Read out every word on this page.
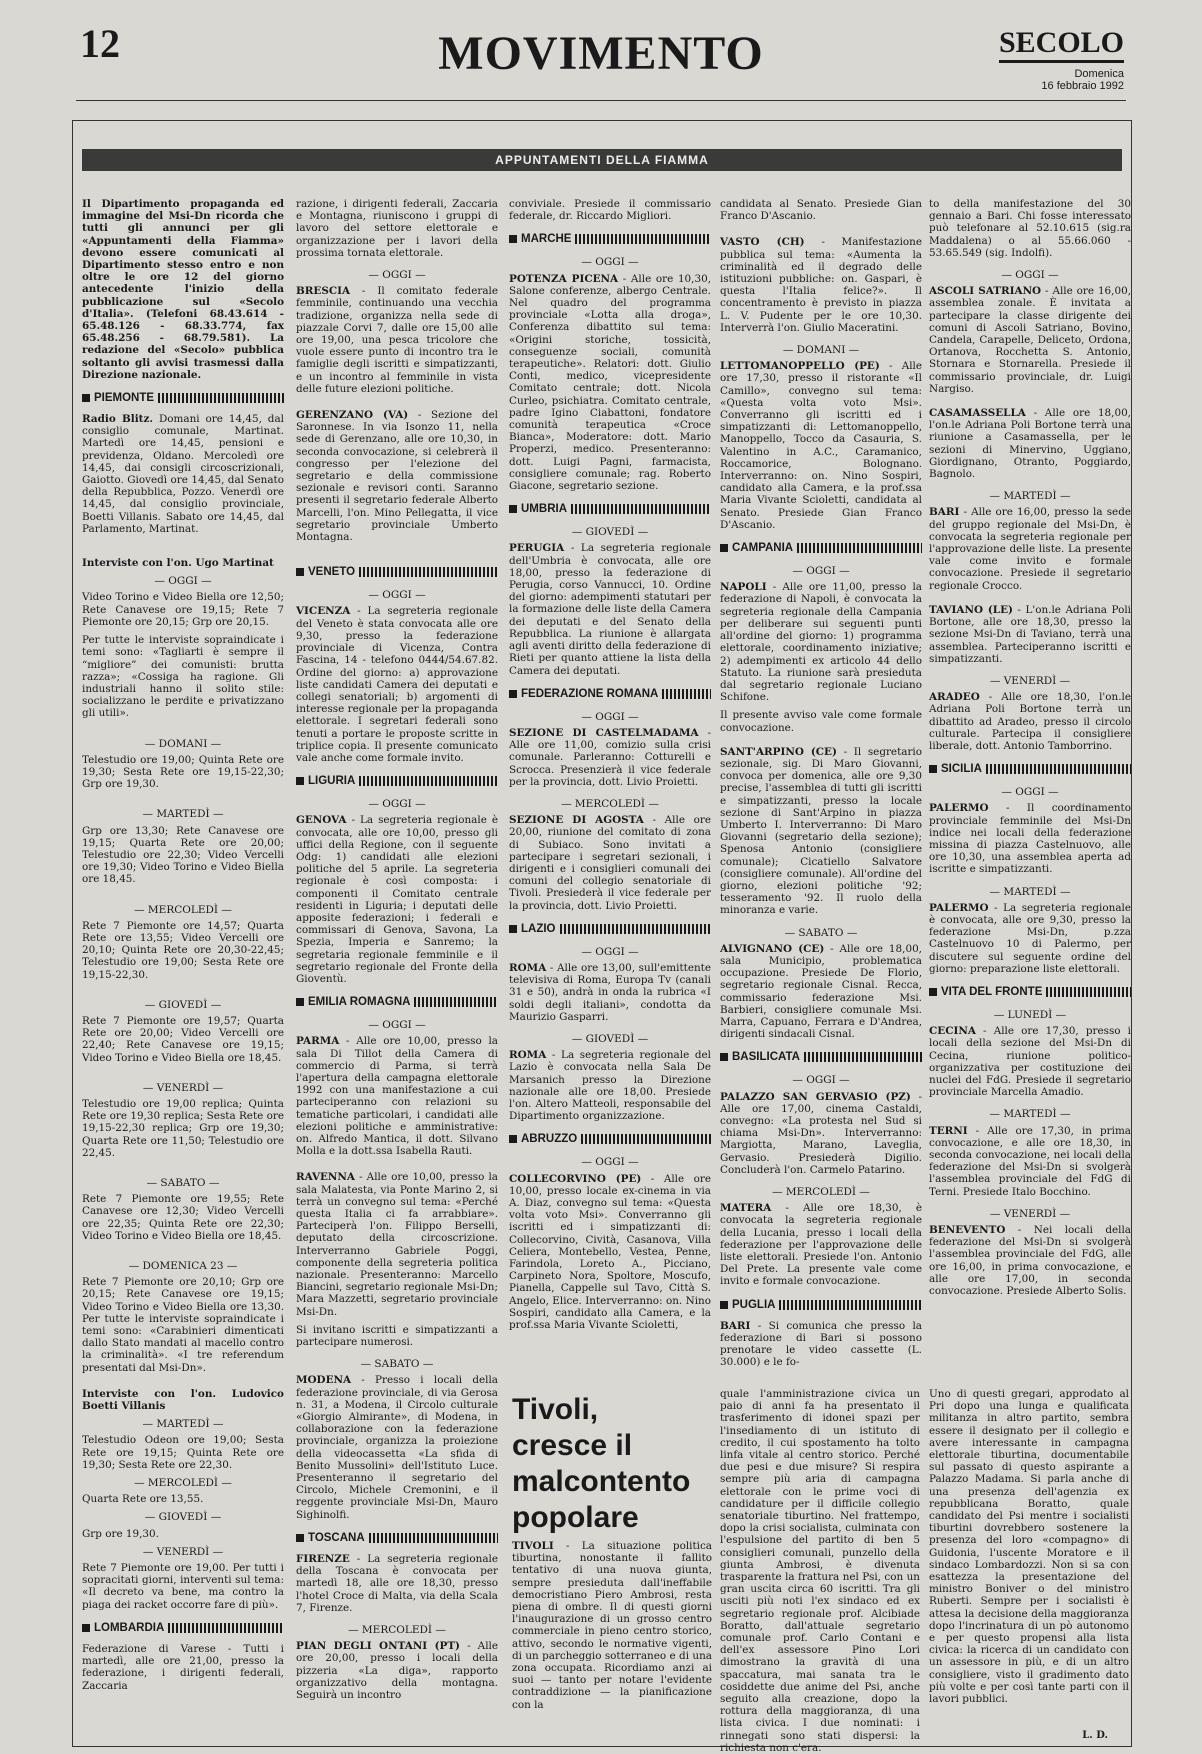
12	MOVIMENTO	SECOLO
Domenica
16 febbraio 1992
APPUNTAMENTI DELLA FIAMMA

Il Dipartimento propaganda ed immagine del Msi-Dn ricorda che tutti gli annunci per gli «Appuntamenti della Fiamma» devono essere comunicati al Dipartimento stesso entro e non oltre le ore 12 del giorno antecedente l'inizio della pubblicazione sul «Secolo d'Italia». (Telefoni 68.43.614 - 65.48.126 - 68.33.774, fax 65.48.256 - 68.79.581). La redazione del «Secolo» pubblica soltanto gli avvisi trasmessi dalla Direzione nazionale.

PIEMONTE

Radio Blitz. Domani ore 14,45, dal consiglio comunale, Martinat. Martedì ore 14,45, pensioni e previdenza, Oldano. Mercoledì ore 14,45, dai consigli circoscrizionali, Gaiotto. Giovedì ore 14,45, dal Senato della Repubblica, Pozzo. Venerdì ore 14,45, dal consiglio provinciale, Boetti Villanis. Sabato ore 14,45, dal Parlamento, Martinat.

Interviste con l'on. Ugo Martinat

— OGGI —

Video Torino e Video Biella ore 12,50; Rete Canavese ore 19,15; Rete 7 Piemonte ore 20,15; Grp ore 20,15.

Per tutte le interviste sopraindicate i temi sono: «Tagliarti è sempre il “migliore” dei comunisti: brutta razza»; «Cossiga ha ragione. Gli industriali hanno il solito stile: socializzano le perdite e privatizzano gli utili».

— DOMANI —

Telestudio ore 19,00; Quinta Rete ore 19,30; Sesta Rete ore 19,15-22,30; Grp ore 19,30.

— MARTEDÌ —

Grp ore 13,30; Rete Canavese ore 19,15; Quarta Rete ore 20,00; Telestudio ore 22,30; Video Vercelli ore 19,30; Video Torino e Video Biella ore 18,45.

— MERCOLEDÌ —

Rete 7 Piemonte ore 14,57; Quarta Rete ore 13,55; Video Vercelli ore 20,10; Quinta Rete ore 20,30-22,45; Telestudio ore 19,00; Sesta Rete ore 19,15-22,30.

— GIOVEDÌ —

Rete 7 Piemonte ore 19,57; Quarta Rete ore 20,00; Video Vercelli ore 22,40; Rete Canavese ore 19,15; Video Torino e Video Biella ore 18,45.

— VENERDÌ —

Telestudio ore 19,00 replica; Quinta Rete ore 19,30 replica; Sesta Rete ore 19,15-22,30 replica; Grp ore 19,30; Quarta Rete ore 11,50; Telestudio ore 22,45.

— SABATO —

Rete 7 Piemonte ore 19,55; Rete Canavese ore 12,30; Video Vercelli ore 22,35; Quinta Rete ore 22,30; Video Torino e Video Biella ore 18,45.

— DOMENICA 23 —

Rete 7 Piemonte ore 20,10; Grp ore 20,15; Rete Canavese ore 19,15; Video Torino e Video Biella ore 13,30. Per tutte le interviste sopraindicate i temi sono: «Carabinieri dimenticati dallo Stato mandati al macello contro la criminalità». «I tre referendum presentati dal Msi-Dn».

Interviste con l'on. Ludovico Boetti Villanis

— MARTEDÌ —

Telestudio Odeon ore 19,00; Sesta Rete ore 19,15; Quinta Rete ore 19,30; Sesta Rete ore 22,30.

— MERCOLEDÌ —

Quarta Rete ore 13,55.

— GIOVEDÌ —

Grp ore 19,30.

— VENERDÌ —

Rete 7 Piemonte ore 19,00. Per tutti i sopracitati giorni, interventi sul tema: «Il decreto va bene, ma contro la piaga dei racket occorre fare di più».

LOMBARDIA

Federazione di Varese - Tutti i martedì, alle ore 21,00, presso la federazione, i dirigenti federali, Zaccaria

razione, i dirigenti federali, Zaccaria e Montagna, riuniscono i gruppi di lavoro del settore elettorale e organizzazione per i lavori della prossima tornata elettorale.

— OGGI —

BRESCIA - Il comitato federale femminile, continuando una vecchia tradizione, organizza nella sede di piazzale Corvi 7, dalle ore 15,00 alle ore 19,00, una pesca tricolore che vuole essere punto di incontro tra le famiglie degli iscritti e simpatizzanti, e un incontro al femminile in vista delle future elezioni politiche.

GERENZANO (VA) - Sezione del Saronnese. In via Isonzo 11, nella sede di Gerenzano, alle ore 10,30, in seconda convocazione, si celebrerà il congresso per l'elezione del segretario e della commissione sezionale e revisori conti. Saranno presenti il segretario federale Alberto Marcelli, l'on. Mino Pellegatta, il vice segretario provinciale Umberto Montagna.

VENETO
— OGGI —

VICENZA - La segreteria regionale del Veneto è stata convocata alle ore 9,30, presso la federazione provinciale di Vicenza, Contra Fascina, 14 - telefono 0444/54.67.82. Ordine del giorno: a) approvazione liste candidati Camera dei deputati e collegi senatoriali; b) argomenti di interesse regionale per la propaganda elettorale. I segretari federali sono tenuti a portare le proposte scritte in triplice copia. Il presente comunicato vale anche come formale invito.

LIGURIA
— OGGI —

GENOVA - La segreteria regionale è convocata, alle ore 10,00, presso gli uffici della Regione, con il seguente Odg: 1) candidati alle elezioni politiche del 5 aprile. La segreteria regionale è così composta: i componenti il Comitato centrale residenti in Liguria; i deputati delle apposite federazioni; i federali e commissari di Genova, Savona, La Spezia, Imperia e Sanremo; la segretaria regionale femminile e il segretario regionale del Fronte della Gioventù.

EMILIA ROMAGNA
— OGGI —

PARMA - Alle ore 10,00, presso la sala Di Tillot della Camera di commercio di Parma, si terrà l'apertura della campagna elettorale 1992 con una manifestazione a cui parteciperanno con relazioni su tematiche particolari, i candidati alle elezioni politiche e amministrative: on. Alfredo Mantica, il dott. Silvano Molla e la dott.ssa Isabella Rauti.

RAVENNA - Alle ore 10,00, presso la sala Malatesta, via Ponte Marino 2, si terrà un convegno sul tema: «Perché questa Italia ci fa arrabbiare». Parteciperà l'on. Filippo Berselli, deputato della circoscrizione. Interverranno Gabriele Poggi, componente della segreteria politica nazionale. Presenteranno: Marcello Biancini, segretario regionale Msi-Dn; Mara Mazzetti, segretario provinciale Msi-Dn.

Si invitano iscritti e simpatizzanti a partecipare numerosi.

— SABATO —

MODENA - Presso i locali della federazione provinciale, di via Gerosa n. 31, a Modena, il Circolo culturale «Giorgio Almirante», di Modena, in collaborazione con la federazione provinciale, organizza la proiezione della videocassetta «La sfida di Benito Mussolini» dell'Istituto Luce. Presenteranno il segretario del Circolo, Michele Cremonini, e il reggente provinciale Msi-Dn, Mauro Sighinolfi.

TOSCANA

FIRENZE - La segreteria regionale della Toscana è convocata per martedì 18, alle ore 18,30, presso l'hotel Croce di Malta, via della Scala 7, Firenze.

— MERCOLEDÌ —

PIAN DEGLI ONTANI (PT) - Alle ore 20,00, presso i locali della pizzeria «La diga», rapporto organizzativo della montagna. Seguirà un incontro

conviviale. Presiede il commissario federale, dr. Riccardo Migliori.

MARCHE
— OGGI —

POTENZA PICENA - Alle ore 10,30, Salone conferenze, albergo Centrale. Nel quadro del programma provinciale «Lotta alla droga», Conferenza dibattito sul tema: «Origini storiche, tossicità, conseguenze sociali, comunità terapeutiche». Relatori: dott. Giulio Conti, medico, vicepresidente Comitato centrale; dott. Nicola Curleo, psichiatra. Comitato centrale, padre Igino Ciabattoni, fondatore comunità terapeutica «Croce Bianca», Moderatore: dott. Mario Properzi, medico. Presenteranno: dott. Luigi Pagni, farmacista, consigliere comunale; rag. Roberto Giacone, segretario sezione.

UMBRIA
— GIOVEDÌ —

PERUGIA - La segreteria regionale dell'Umbria è convocata, alle ore 18,00, presso la federazione di Perugia, corso Vannucci, 10. Ordine del giorno: adempimenti statutari per la formazione delle liste della Camera dei deputati e del Senato della Repubblica. La riunione è allargata agli aventi diritto della federazione di Rieti per quanto attiene la lista della Camera dei deputati.

FEDERAZIONE ROMANA
— OGGI —

SEZIONE DI CASTELMADAMA - Alle ore 11,00, comizio sulla crisi comunale. Parleranno: Cotturelli e Scrocca. Presenzierà il vice federale per la provincia, dott. Livio Proietti.

— MERCOLEDÌ —

SEZIONE DI AGOSTA - Alle ore 20,00, riunione del comitato di zona di Subiaco. Sono invitati a partecipare i segretari sezionali, i dirigenti e i consiglieri comunali dei comuni del collegio senatoriale di Tivoli. Presiederà il vice federale per la provincia, dott. Livio Proietti.

LAZIO
— OGGI —

ROMA - Alle ore 13,00, sull'emittente televisiva di Roma, Europa Tv (canali 31 e 50), andrà in onda la rubrica «I soldi degli italiani», condotta da Maurizio Gasparri.

— GIOVEDÌ —

ROMA - La segreteria regionale del Lazio è convocata nella Sala De Marsanich presso la Direzione nazionale alle ore 18,00. Presiede l'on. Altero Matteoli, responsabile del Dipartimento organizzazione.

ABRUZZO
— OGGI —

COLLECORVINO (PE) - Alle ore 10,00, presso locale ex-cinema in via A. Diaz, convegno sul tema: «Questa volta voto Msi». Converranno gli iscritti ed i simpatizzanti di: Collecorvino, Cività, Casanova, Villa Celiera, Montebello, Vestea, Penne, Farindola, Loreto A., Picciano, Carpineto Nora, Spoltore, Moscufo, Pianella, Cappelle sul Tavo, Città S. Angelo, Elice. Interverranno: on. Nino Sospiri, candidato alla Camera, e la prof.ssa Maria Vivante Scioletti,

candidata al Senato. Presiede Gian Franco D'Ascanio.

VASTO (CH) - Manifestazione pubblica sul tema: «Aumenta la criminalità ed il degrado delle istituzioni pubbliche: on. Gaspari, è questa l'Italia felice?». Il concentramento è previsto in piazza L. V. Pudente per le ore 10,30. Interverrà l'on. Giulio Maceratini.

— DOMANI —

LETTOMANOPPELLO (PE) - Alle ore 17,30, presso il ristorante «Il Camillo», convegno sul tema: «Questa volta voto Msi». Converranno gli iscritti ed i simpatizzanti di: Lettomanoppello, Manoppello, Tocco da Casauria, S. Valentino in A.C., Caramanico, Roccamorice, Bolognano. Interverranno: on. Nino Sospiri, candidato alla Camera, e la prof.ssa Maria Vivante Scioletti, candidata al Senato. Presiede Gian Franco D'Ascanio.

CAMPANIA
— OGGI —

NAPOLI - Alle ore 11,00, presso la federazione di Napoli, è convocata la segreteria regionale della Campania per deliberare sui seguenti punti all'ordine del giorno: 1) programma elettorale, coordinamento iniziative; 2) adempimenti ex articolo 44 dello Statuto. La riunione sarà presieduta dal segretario regionale Luciano Schifone.

Il presente avviso vale come formale convocazione.

SANT'ARPINO (CE) - Il segretario sezionale, sig. Di Maro Giovanni, convoca per domenica, alle ore 9,30 precise, l'assemblea di tutti gli iscritti e simpatizzanti, presso la locale sezione di Sant'Arpino in piazza Umberto I. Interverranno: Di Maro Giovanni (segretario della sezione); Spenosa Antonio (consigliere comunale); Cicatiello Salvatore (consigliere comunale). All'ordine del giorno, elezioni politiche '92; tesseramento '92. Il ruolo della minoranza e varie.

— SABATO —

ALVIGNANO (CE) - Alle ore 18,00, sala Municipio, problematica occupazione. Presiede De Florio, segretario regionale Cisnal. Recca, commissario federazione Msi. Barbieri, consigliere comunale Msi. Marra, Capuano, Ferrara e D'Andrea, dirigenti sindacali Cisnal.

BASILICATA
— OGGI —

PALAZZO SAN GERVASIO (PZ) - Alle ore 17,00, cinema Castaldi, convegno: «La protesta nel Sud si chiama Msi-Dn». Interverranno: Margiotta, Marano, Laveglia, Gervasio. Presiederà Digilio. Concluderà l'on. Carmelo Patarino.

— MERCOLEDÌ —

MATERA - Alle ore 18,30, è convocata la segreteria regionale della Lucania, presso i locali della federazione per l'approvazione delle liste elettorali. Presiede l'on. Antonio Del Prete. La presente vale come invito e formale convocazione.

PUGLIA

BARI - Si comunica che presso la federazione di Bari si possono prenotare le video cassette (L. 30.000) e le fo-

to della manifestazione del 30 gennaio a Bari. Chi fosse interessato può telefonare al 52.10.615 (sig.ra Maddalena) o al 55.66.060 - 53.65.549 (sig. Indolfi).

— OGGI —

ASCOLI SATRIANO - Alle ore 16,00, assemblea zonale. È invitata a partecipare la classe dirigente dei comuni di Ascoli Satriano, Bovino, Candela, Carapelle, Deliceto, Ordona, Ortanova, Rocchetta S. Antonio, Stornara e Stornarella. Presiede il commissario provinciale, dr. Luigi Nargiso.

CASAMASSELLA - Alle ore 18,00, l'on.le Adriana Poli Bortone terrà una riunione a Casamassella, per le sezioni di Minervino, Uggiano, Giordignano, Otranto, Poggiardo, Bagnolo.

— MARTEDÌ —

BARI - Alle ore 16,00, presso la sede del gruppo regionale del Msi-Dn, è convocata la segreteria regionale per l'approvazione delle liste. La presente vale come invito e formale convocazione. Presiede il segretario regionale Crocco.

TAVIANO (LE) - L'on.le Adriana Poli Bortone, alle ore 18,30, presso la sezione Msi-Dn di Taviano, terrà una assemblea. Parteciperanno iscritti e simpatizzanti.

— VENERDÌ —

ARADEO - Alle ore 18,30, l'on.le Adriana Poli Bortone terrà un dibattito ad Aradeo, presso il circolo culturale. Partecipa il consigliere liberale, dott. Antonio Tamborrino.

SICILIA
— OGGI —

PALERMO - Il coordinamento provinciale femminile del Msi-Dn indice nei locali della federazione missina di piazza Castelnuovo, alle ore 10,30, una assemblea aperta ad iscritte e simpatizzanti.

— MARTEDÌ —

PALERMO - La segreteria regionale è convocata, alle ore 9,30, presso la federazione Msi-Dn, p.zza Castelnuovo 10 di Palermo, per discutere sul seguente ordine del giorno: preparazione liste elettorali.

VITA DEL FRONTE
— LUNEDÌ —

CECINA - Alle ore 17,30, presso i locali della sezione del Msi-Dn di Cecina, riunione politico-organizzativa per costituzione dei nuclei del FdG. Presiede il segretario provinciale Marcella Amadio.

— MARTEDÌ —

TERNI - Alle ore 17,30, in prima convocazione, e alle ore 18,30, in seconda convocazione, nei locali della federazione del Msi-Dn si svolgerà l'assemblea provinciale del FdG di Terni. Presiede Italo Bocchino.

— VENERDÌ —

BENEVENTO - Nei locali della federazione del Msi-Dn si svolgerà l'assemblea provinciale del FdG, alle ore 16,00, in prima convocazione, e alle ore 17,00, in seconda convocazione. Presiede Alberto Solis.

Tivoli, cresce il malcontento popolare

TIVOLI - La situazione politica tiburtina, nonostante il fallito tentativo di una nuova giunta, sempre presieduta dall'ineffabile democristiano Piero Ambrosi, resta piena di ombre. Il di questi giorni l'inaugurazione di un grosso centro commerciale in pieno centro storico, attivo, secondo le normative vigenti, di un parcheggio sotterraneo e di una zona occupata. Ricordiamo anzi ai suoi — tanto per notare l'evidente contraddizione — la pianificazione con la

quale l'amministrazione civica un paio di anni fa ha presentato il trasferimento di idonei spazi per l'insediamento di un istituto di credito, il cui spostamento ha tolto linfa vitale al centro storico. Perché due pesi e due misure? Si respira sempre più aria di campagna elettorale con le prime voci di candidature per il difficile collegio senatoriale tiburtino. Nel frattempo, dopo la crisi socialista, culminata con l'espulsione del partito di ben 5 consiglieri comunali, punzello della giunta Ambrosi, è divenuta trasparente la frattura nel Psi, con un gran uscita circa 60 iscritti. Tra gli usciti più noti l'ex sindaco ed ex segretario regionale prof. Alcibiade Boratto, dall'attuale segretario comunale prof. Carlo Contani e dell'ex assessore Pino Lori dimostrano la gravità di una spaccatura, mai sanata tra le cosiddette due anime del Psi, anche seguito alla creazione, dopo la rottura della maggioranza, di una lista civica. I due nominati: i rinnegati sono stati dispersi: la richiesta non c'era.

Uno di questi gregari, approdato al Pri dopo una lunga e qualificata militanza in altro partito, sembra essere il designato per il collegio e avere interessante in campagna elettorale tiburtina, documentabile sul passato di questo aspirante a Palazzo Madama. Si parla anche di una presenza dell'agenzia ex repubblicana Boratto, quale candidato del Psi mentre i socialisti tiburtini dovrebbero sostenere la presenza del loro «compagno» di Guidonia, l'uscente Moratore e il sindaco Lombardozzi. Non si sa con esattezza la presentazione del ministro Boniver o del ministro Ruberti. Sempre per i socialisti è attesa la decisione della maggioranza dopo l'incrinatura di un pò autonomo e per questo propensi alla lista civica: la ricerca di un candidato con un assessore in più, e di un altro consigliere, visto il gradimento dato più volte e per così tante parti con il lavori pubblici.

L. D.
